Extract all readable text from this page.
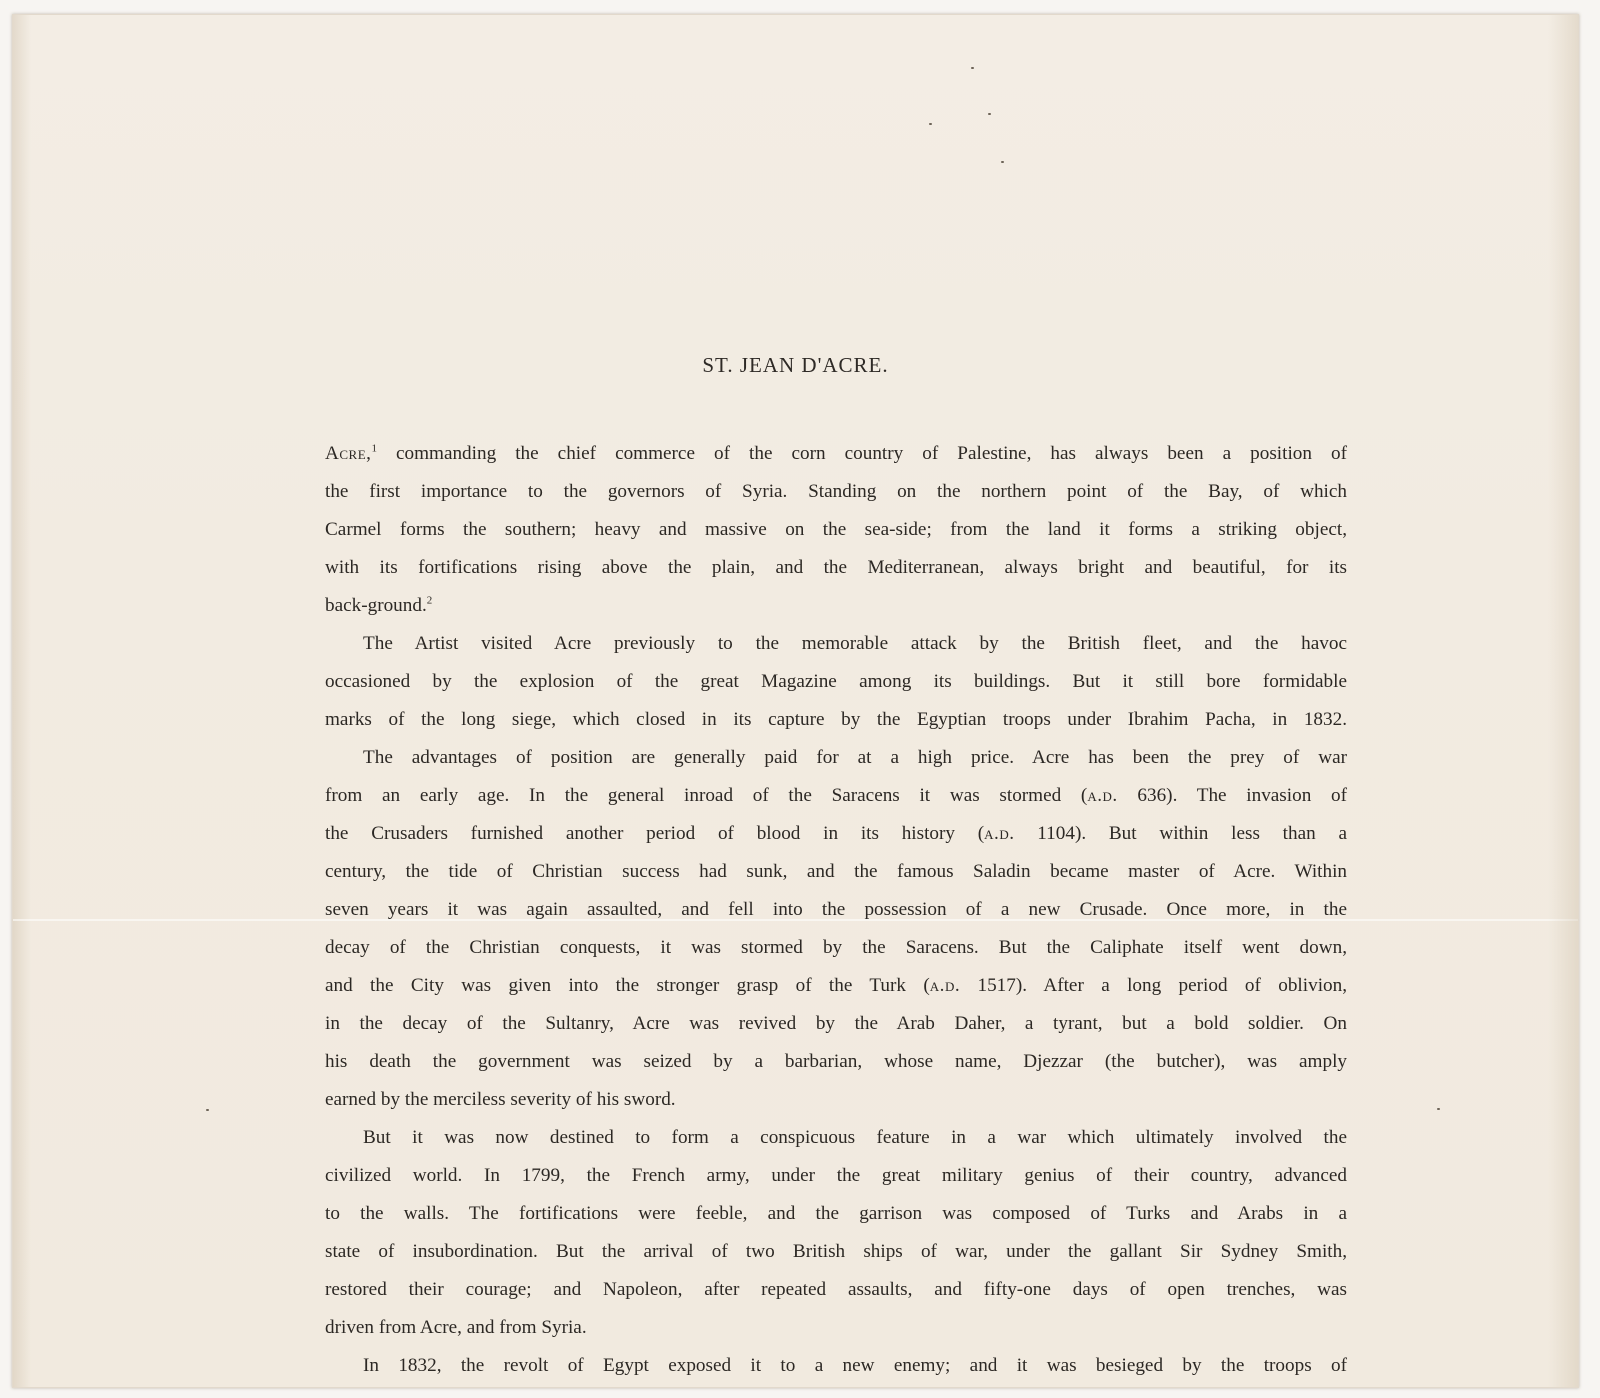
ST. JEAN D'ACRE.

Acre,$^1$ commanding the chief commerce of the corn country of Palestine, has always been a position of

the first importance to the governors of Syria. Standing on the northern point of the Bay, of which

Carmel forms the southern; heavy and massive on the sea-side; from the land it forms a striking object,

with its fortifications rising above the plain, and the Mediterranean, always bright and beautiful, for its

back-ground.$^2$

The Artist visited Acre previously to the memorable attack by the British fleet, and the havoc

occasioned by the explosion of the great Magazine among its buildings. But it still bore formidable

marks of the long siege, which closed in its capture by the Egyptian troops under Ibrahim Pacha, in 1832.

The advantages of position are generally paid for at a high price. Acre has been the prey of war

from an early age. In the general inroad of the Saracens it was stormed (a.d. 636). The invasion of

the Crusaders furnished another period of blood in its history (a.d. 1104). But within less than a

century, the tide of Christian success had sunk, and the famous Saladin became master of Acre. Within

seven years it was again assaulted, and fell into the possession of a new Crusade. Once more, in the

decay of the Christian conquests, it was stormed by the Saracens. But the Caliphate itself went down,

and the City was given into the stronger grasp of the Turk (a.d. 1517). After a long period of oblivion,

in the decay of the Sultanry, Acre was revived by the Arab Daher, a tyrant, but a bold soldier. On

his death the government was seized by a barbarian, whose name, Djezzar (the butcher), was amply

earned by the merciless severity of his sword.

But it was now destined to form a conspicuous feature in a war which ultimately involved the

civilized world. In 1799, the French army, under the great military genius of their country, advanced

to the walls. The fortifications were feeble, and the garrison was composed of Turks and Arabs in a

state of insubordination. But the arrival of two British ships of war, under the gallant Sir Sydney Smith,

restored their courage; and Napoleon, after repeated assaults, and fifty-one days of open trenches, was

driven from Acre, and from Syria.

In 1832, the revolt of Egypt exposed it to a new enemy; and it was besieged by the troops of
